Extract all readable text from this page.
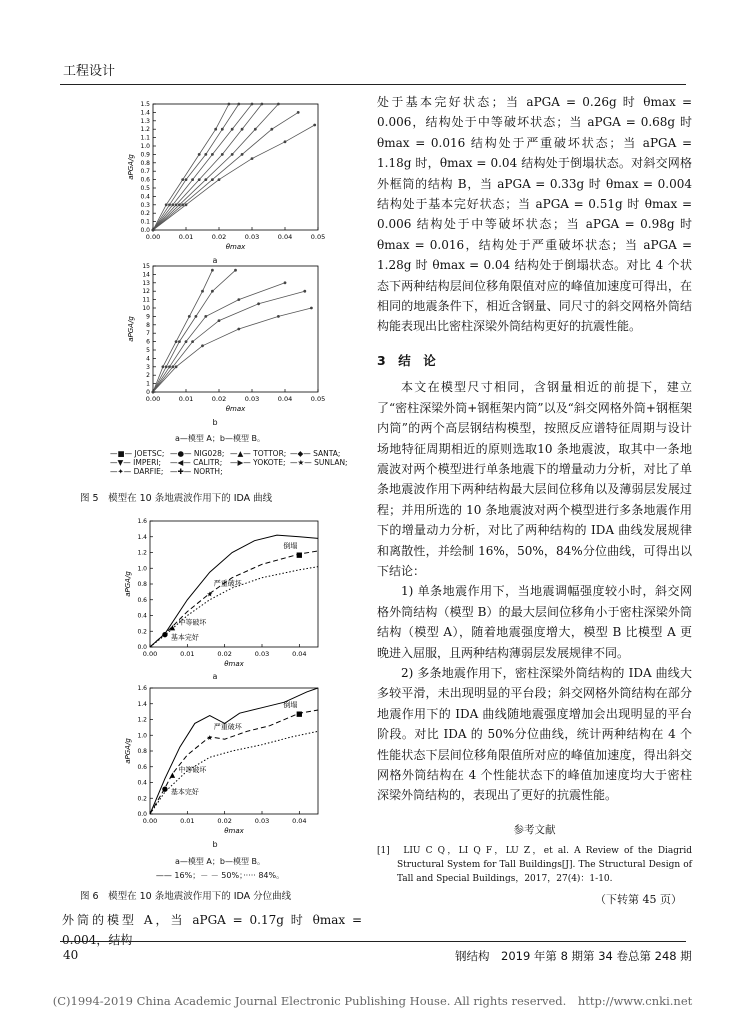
工程设计
0.00	0.01	0.02	0.03	0.04	0.05
0.0
0.1
0.2
0.3
0.4
0.5
0.6
0.7
0.8
0.9
1.0
1.1
1.2
1.3
1.4
1.5
θmax
aPGA/g
a
0.00	0.01	0.02	0.03	0.04	0.05
0
1
2
3
4
5
6
7
8
9
10
11
12
13
14
15
θmax
aPGA/g
b
a—模型 A；b—模型 B。
—■— JOETSC; —●— NIG028; —▲— TOTTOR; —◆— SANTA;—▼— IMPERI; —◀— CALITR; —▶— YOKOTE; —★— SUNLAN;—✦— DARFIE; —✚— NORTH;
图 5　模型在 10 条地震波作用下的 IDA 曲线
0.00	0.01	0.02	0.03	0.04
0.0
0.2
0.4
0.6
0.8
1.0
1.2
1.4
1.6
θmax
aPGA/g
● 基本完好
▲
中等破坏
★
严重破坏
■
倒塌
a
0.00	0.01	0.02	0.03	0.04
0.0
0.2
0.4
0.6
0.8
1.0
1.2
1.4
1.6
θmax
aPGA/g
● 基本完好
▲
中等破坏
★
严重破坏
■
倒塌
b
a—模型 A；b—模型 B。
—— 16%；－ － 50%；····· 84%。
图 6　模型在 10 条地震波作用下的 IDA 分位曲线
外筒的模型 A，当 aPGA = 0.17g 时 θmax = 0.004，结构

处于基本完好状态；当 aPGA = 0.26g 时 θmax = 0.006，结构处于中等破坏状态；当 aPGA = 0.68g 时 θmax = 0.016 结构处于严重破坏状态；当 aPGA = 1.18g 时，θmax = 0.04 结构处于倒塌状态。对斜交网格外框筒的结构 B，当 aPGA = 0.33g 时 θmax = 0.004 结构处于基本完好状态；当 aPGA = 0.51g 时 θmax = 0.006 结构处于中等破坏状态；当 aPGA = 0.98g 时 θmax = 0.016，结构处于严重破坏状态；当 aPGA = 1.28g 时 θmax = 0.04 结构处于倒塌状态。对比 4 个状态下两种结构层间位移角限值对应的峰值加速度可得出，在相同的地震条件下，相近含钢量、同尺寸的斜交网格外筒结构能表现出比密柱深梁外筒结构更好的抗震性能。

3　结　论

本文在模型尺寸相同，含钢量相近的前提下，建立了“密柱深梁外筒+钢框架内筒”以及“斜交网格外筒+钢框架内筒”的两个高层钢结构模型，按照反应谱特征周期与设计场地特征周期相近的原则选取10 条地震波，取其中一条地震波对两个模型进行单条地震下的增量动力分析，对比了单条地震波作用下两种结构最大层间位移角以及薄弱层发展过程；并用所选的 10 条地震波对两个模型进行多条地震作用下的增量动力分析，对比了两种结构的 IDA 曲线发展规律和离散性，并绘制 16%，50%，84%分位曲线，可得出以下结论：

1) 单条地震作用下，当地震调幅强度较小时，斜交网格外筒结构（模型 B）的最大层间位移角小于密柱深梁外筒结构（模型 A），随着地震强度增大，模型 B 比模型 A 更晚进入屈服，且两种结构薄弱层发展规律不同。

2) 多条地震作用下，密柱深梁外筒结构的 IDA 曲线大多较平滑，未出现明显的平台段；斜交网格外筒结构在部分地震作用下的 IDA 曲线随地震强度增加会出现明显的平台阶段。对比 IDA 的 50%分位曲线，统计两种结构在 4 个性能状态下层间位移角限值所对应的峰值加速度，得出斜交网格外筒结构在 4 个性能状态下的峰值加速度均大于密柱深梁外筒结构的，表现出了更好的抗震性能。

参考文献
[1]　LIU C Q，LI Q F，LU Z，et al. A Review of the Diagrid Structural System for Tall Buildings[J]. The Structural Design of Tall and Special Buildings，2017，27(4)：1-10.
（下转第 45 页）
40	钢结构　2019 年第 8 期第 34 卷总第 248 期
(C)1994-2019 China Academic Journal Electronic Publishing House. All rights reserved.　http://www.cnki.net
